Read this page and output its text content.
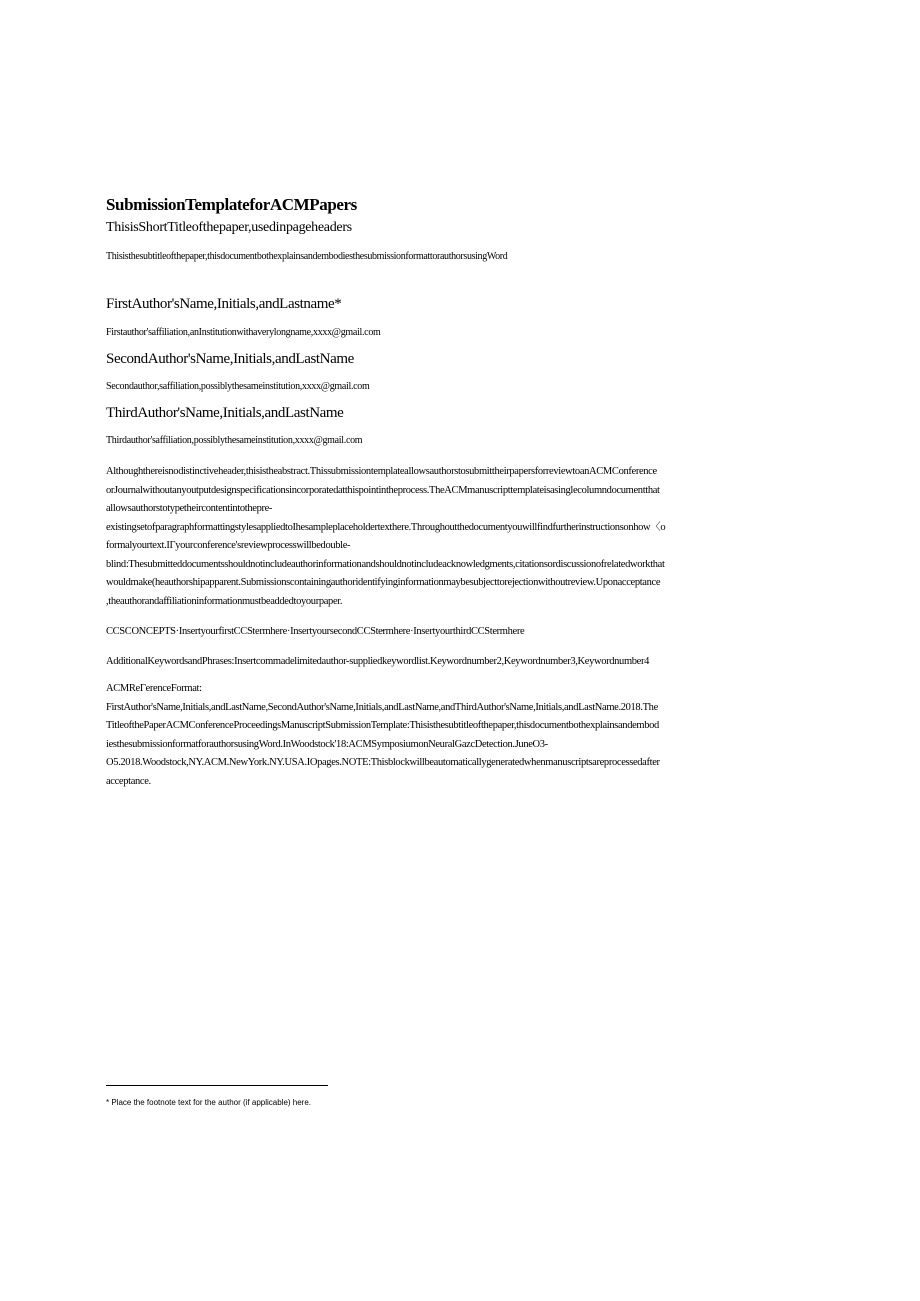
SubmissionTemplateforACMPapers
ThisisShortTitleofthepaper,usedinpageheaders
Thisisthesubtitleofthepaper,thisdocumentbothexplainsandembodiesthesubmissionformattorauthorsusingWord
FirstAuthor'sName,Initials,andLastname*
Firstauthor'saffiliation,anInstitutionwithaverylongname,xxxx@gmail.com
SecondAuthor'sName,Initials,andLastName
Secondauthor,saffiliation,possiblythesameinstitution,xxxx@gmail.com
ThirdAuthor'sName,Initials,andLastName
Thirdauthor'saffiliation,possiblythesameinstitution,xxxx@gmail.com
Althoughthereisnodistinctiveheader,thisistheabstract.ThissubmissiontemplateallowsauthorstosubmittheirpapersforreviewtoanACMConference
orJournalwithoutanyoutputdesignspecificationsincorporatedatthispointintheprocess.TheACMmanuscripttemplateisasinglecolumndocumentthat
allowsauthorstotypetheircontentintothepre-
existingsetofparagraphformattingstylesappliedtoIhesampleplaceholdertexthere.Throughoutthedocumentyouwillfindfurtherinstructionsonhow〈o
formalyourtext.IΓyourconference'sreviewprocesswillbedouble-
blind:Thesubmitteddocumentsshouldnotincludeauthorinformationandshouldnotincludeacknowledgments,citationsordiscussionofrelatedworkthat
wouldmake(heauthorshipapparent.Submissionscontainingauthoridentifyinginformationmaybesubjecttorejectionwithoutreview.Uponacceptance
,theauthorandaffiliationinformationmustbeaddedtoyourpaper.
CCSCONCEPTS·InsertyourfirstCCStermhere·InsertyoursecondCCSte̵rmhere·InsertyourthirdCCStermhere
AdditionalKeywordsandPhrases:Insertcommadelimitedauthor-suppliedkeywordlist.Keywordnumber2,Keywordnumber3,Keywordnumber4
ACMReΓerenceFormat:
FirstAuthor'sName,Initials,andLastName,SecondAuthor'sName,Initials,andLastName,andThirdAuthor'sName,Initials,andLastName.2018.The
TitleofthePaperACMConferenceProceedingsManuscriptSubmissionTemplate:Thisisthesubtitleofthepaper,thisdocumentbothexplainsandembod
iesthesubmissionformatforauthorsusingWord.InWoodstock'18:ACMSymposiumonNeuralGazcDetection.JuneO3-
O5.2018.Woodstock,NY.ACM.NewYork.NY.USA.IOpages.NOTE:Thisblockwillbeautomaticallygeneratedwhenmanuscriptsareprocessedafter
acceptance.
* Place the footnote text for the author (if applicable) here.
